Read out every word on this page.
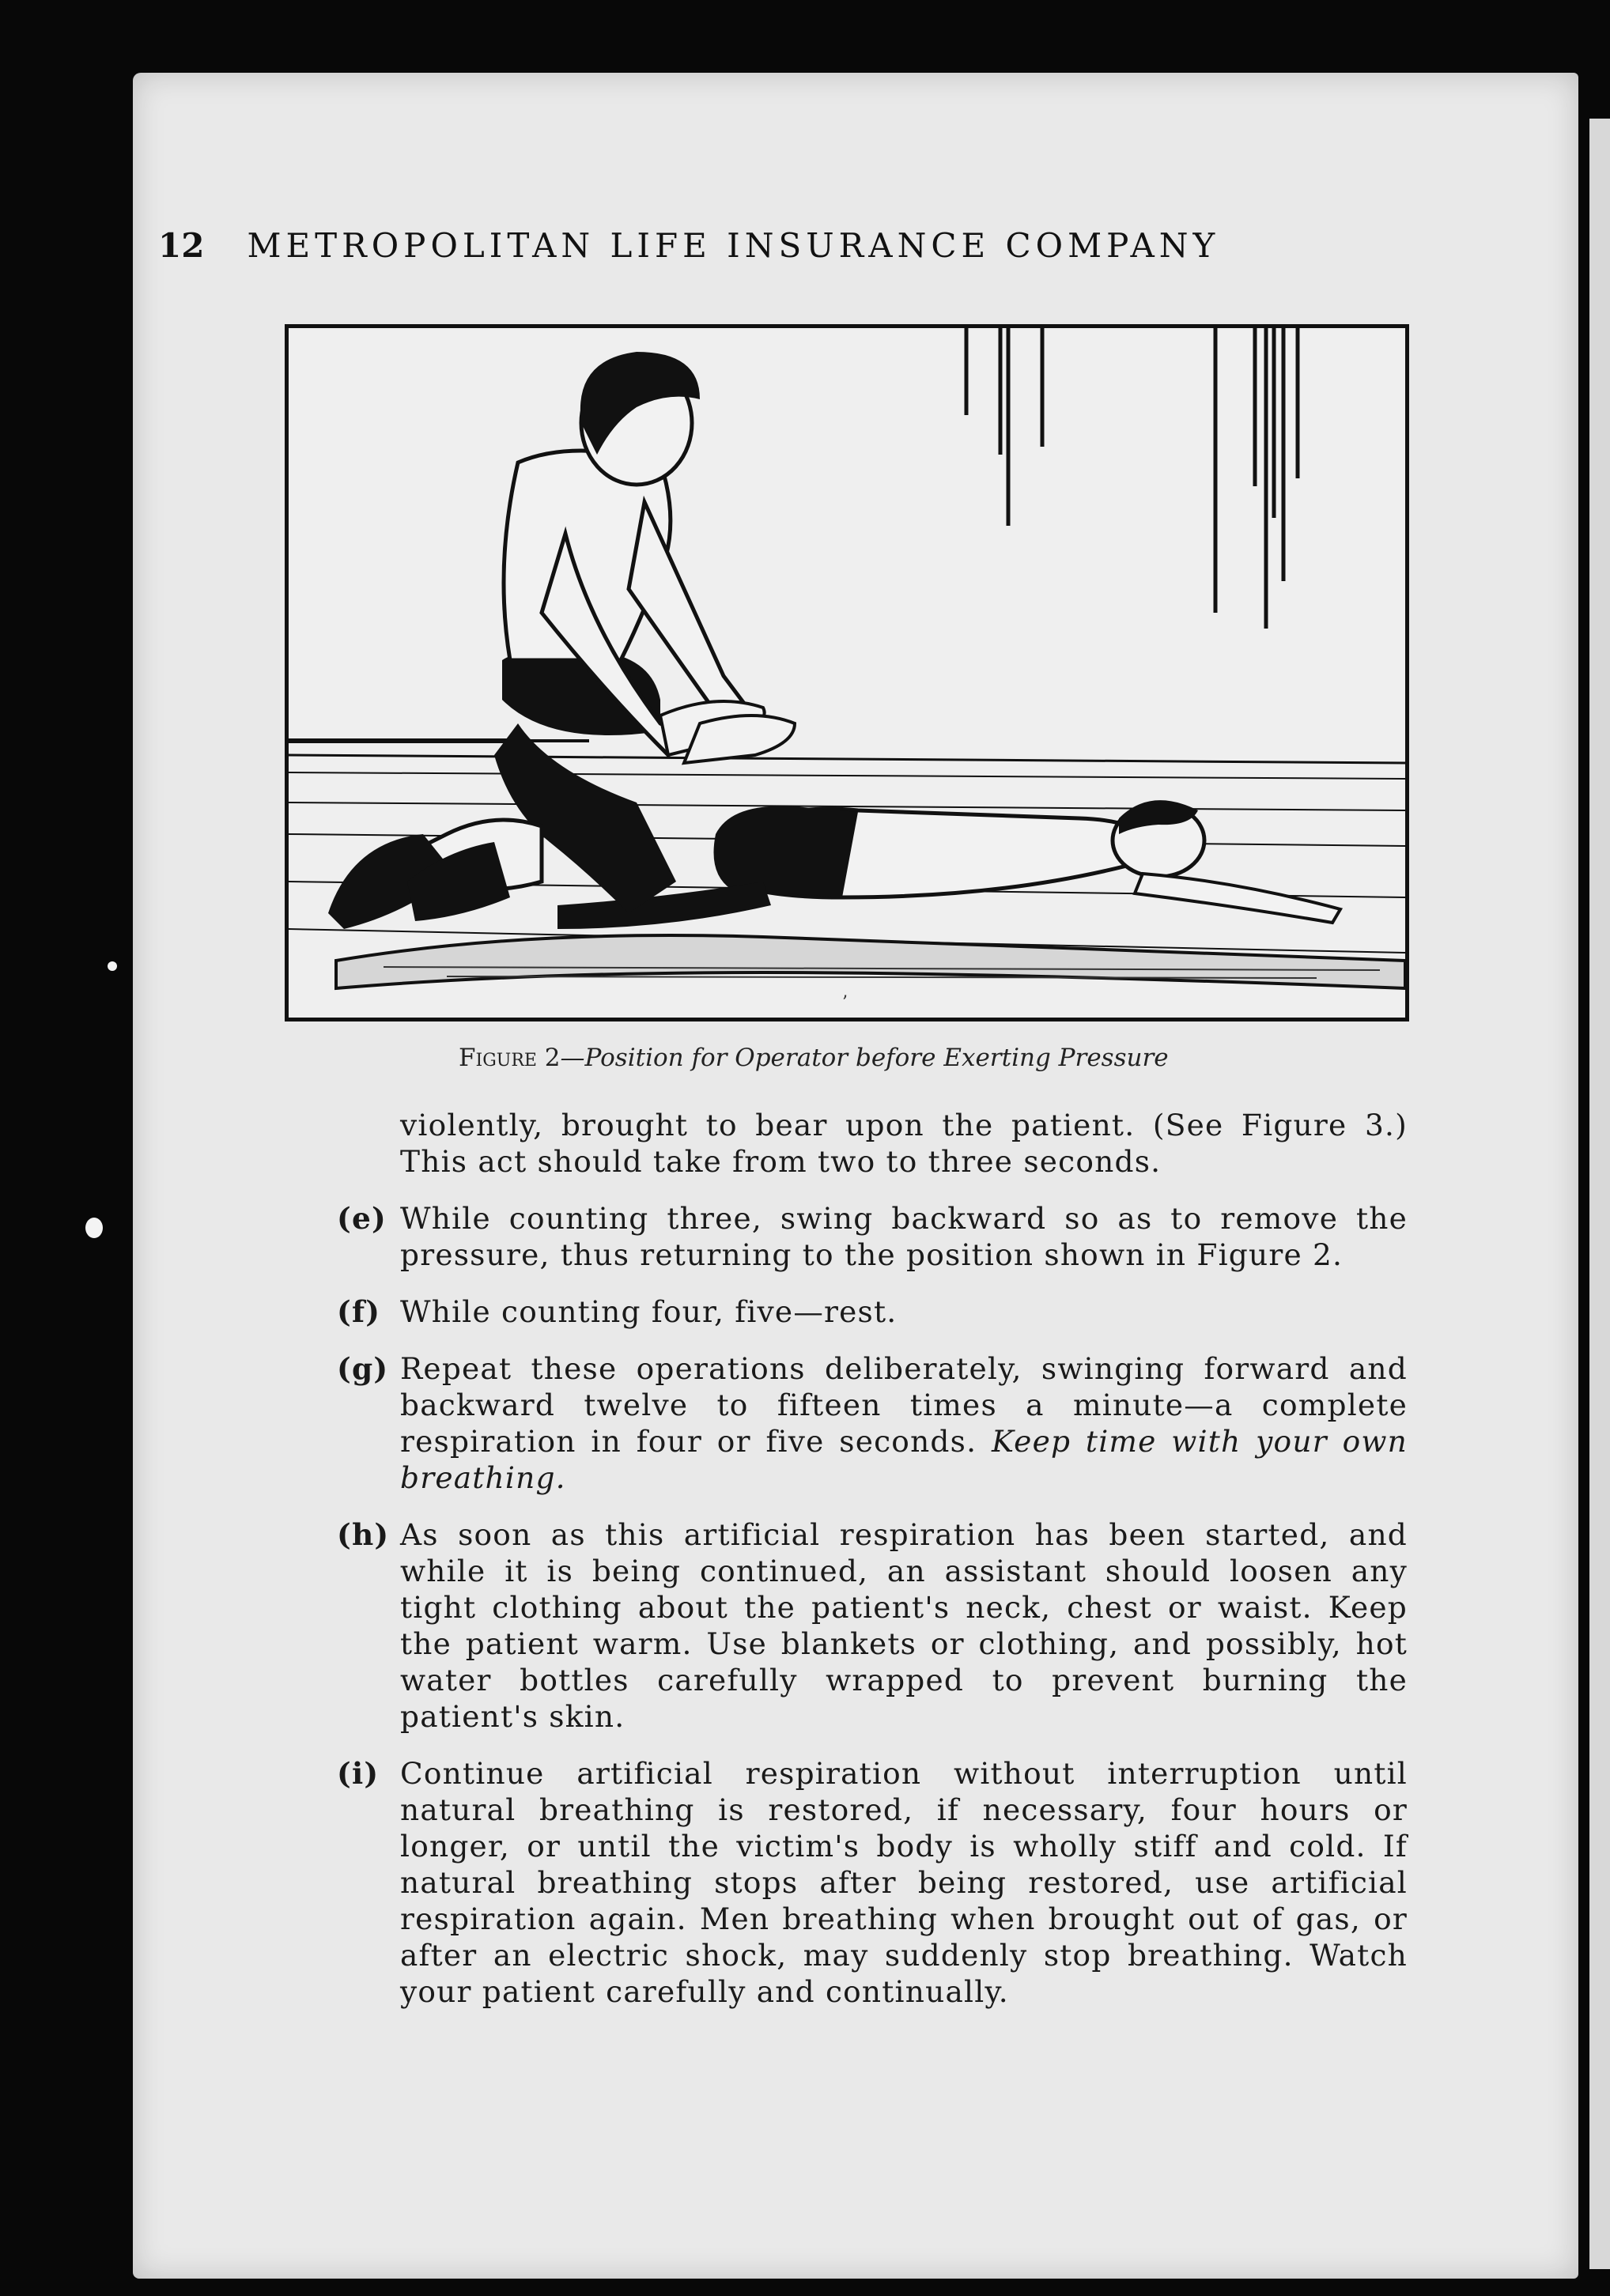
12 METROPOLITAN LIFE INSURANCE COMPANY
’
Figure 2—Position for Operator before Exerting Pressure

violently, brought to bear upon the patient. (See Figure 3.) This act should take from two to three seconds.

(e) While counting three, swing backward so as to remove the pressure, thus returning to the position shown in Figure 2.
(f) While counting four, five—rest.
(g) Repeat these operations deliberately, swinging forward and backward twelve to fifteen times a minute—a complete respiration in four or five seconds. Keep time with your own breathing.
(h) As soon as this artificial respiration has been started, and while it is being continued, an assistant should loosen any tight clothing about the patient's neck, chest or waist. Keep the patient warm. Use blankets or clothing, and possibly, hot water bottles carefully wrapped to prevent burning the patient's skin.
(i) Continue artificial respiration without interruption until natural breathing is restored, if necessary, four hours or longer, or until the victim's body is wholly stiff and cold. If natural breathing stops after being restored, use artificial respiration again. Men breathing when brought out of gas, or after an electric shock, may suddenly stop breathing. Watch your patient carefully and continually.
